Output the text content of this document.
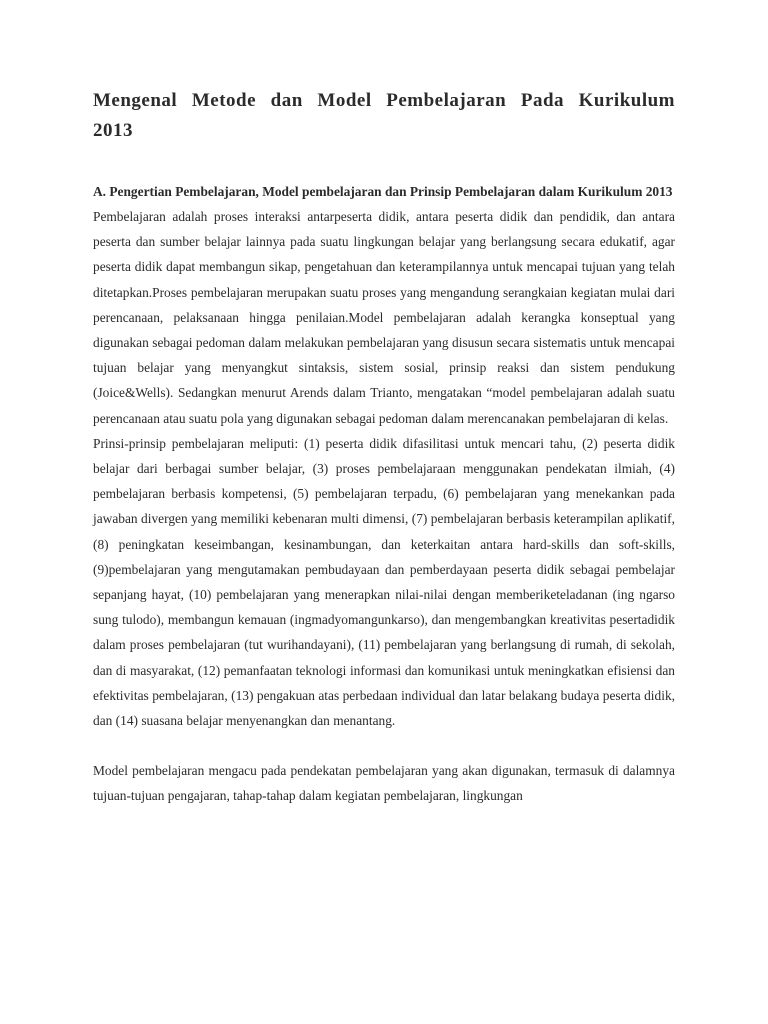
Mengenal Metode dan Model Pembelajaran Pada Kurikulum 2013
A. Pengertian Pembelajaran, Model pembelajaran dan Prinsip Pembelajaran dalam Kurikulum 2013

Pembelajaran adalah proses interaksi antarpeserta didik, antara peserta didik dan pendidik, dan antara peserta dan sumber belajar lainnya pada suatu lingkungan belajar yang berlangsung secara edukatif, agar peserta didik dapat membangun sikap, pengetahuan dan keterampilannya untuk mencapai tujuan yang telah ditetapkan.Proses pembelajaran merupakan suatu proses yang mengandung serangkaian kegiatan mulai dari perencanaan, pelaksanaan hingga penilaian.Model pembelajaran adalah kerangka konseptual yang digunakan sebagai pedoman dalam melakukan pembelajaran yang disusun secara sistematis untuk mencapai tujuan belajar yang menyangkut sintaksis, sistem sosial, prinsip reaksi dan sistem pendukung (Joice&Wells). Sedangkan menurut Arends dalam Trianto, mengatakan “model pembelajaran adalah suatu perencanaan atau suatu pola yang digunakan sebagai pedoman dalam merencanakan pembelajaran di kelas.

Prinsi-prinsip pembelajaran meliputi: (1) peserta didik difasilitasi untuk mencari tahu, (2) peserta didik belajar dari berbagai sumber belajar, (3) proses pembelajaraan menggunakan pendekatan ilmiah, (4) pembelajaran berbasis kompetensi, (5) pembelajaran terpadu, (6) pembelajaran yang menekankan pada jawaban divergen yang memiliki kebenaran multi dimensi, (7) pembelajaran berbasis keterampilan aplikatif, (8) peningkatan keseimbangan, kesinambungan, dan keterkaitan antara hard-skills dan soft-skills, (9)pembelajaran yang mengutamakan pembudayaan dan pemberdayaan peserta didik sebagai pembelajar sepanjang hayat, (10) pembelajaran yang menerapkan nilai-nilai dengan memberiketeladanan (ing ngarso sung tulodo), membangun kemauan (ingmadyomangunkarso), dan mengembangkan kreativitas pesertadidik dalam proses pembelajaran (tut wurihandayani), (11) pembelajaran yang berlangsung di rumah, di sekolah, dan di masyarakat, (12) pemanfaatan teknologi informasi dan komunikasi untuk meningkatkan efisiensi dan efektivitas pembelajaran, (13) pengakuan atas perbedaan individual dan latar belakang budaya peserta didik, dan (14) suasana belajar menyenangkan dan menantang.

Model pembelajaran mengacu pada pendekatan pembelajaran yang akan digunakan, termasuk di dalamnya tujuan-tujuan pengajaran, tahap-tahap dalam kegiatan pembelajaran, lingkungan
